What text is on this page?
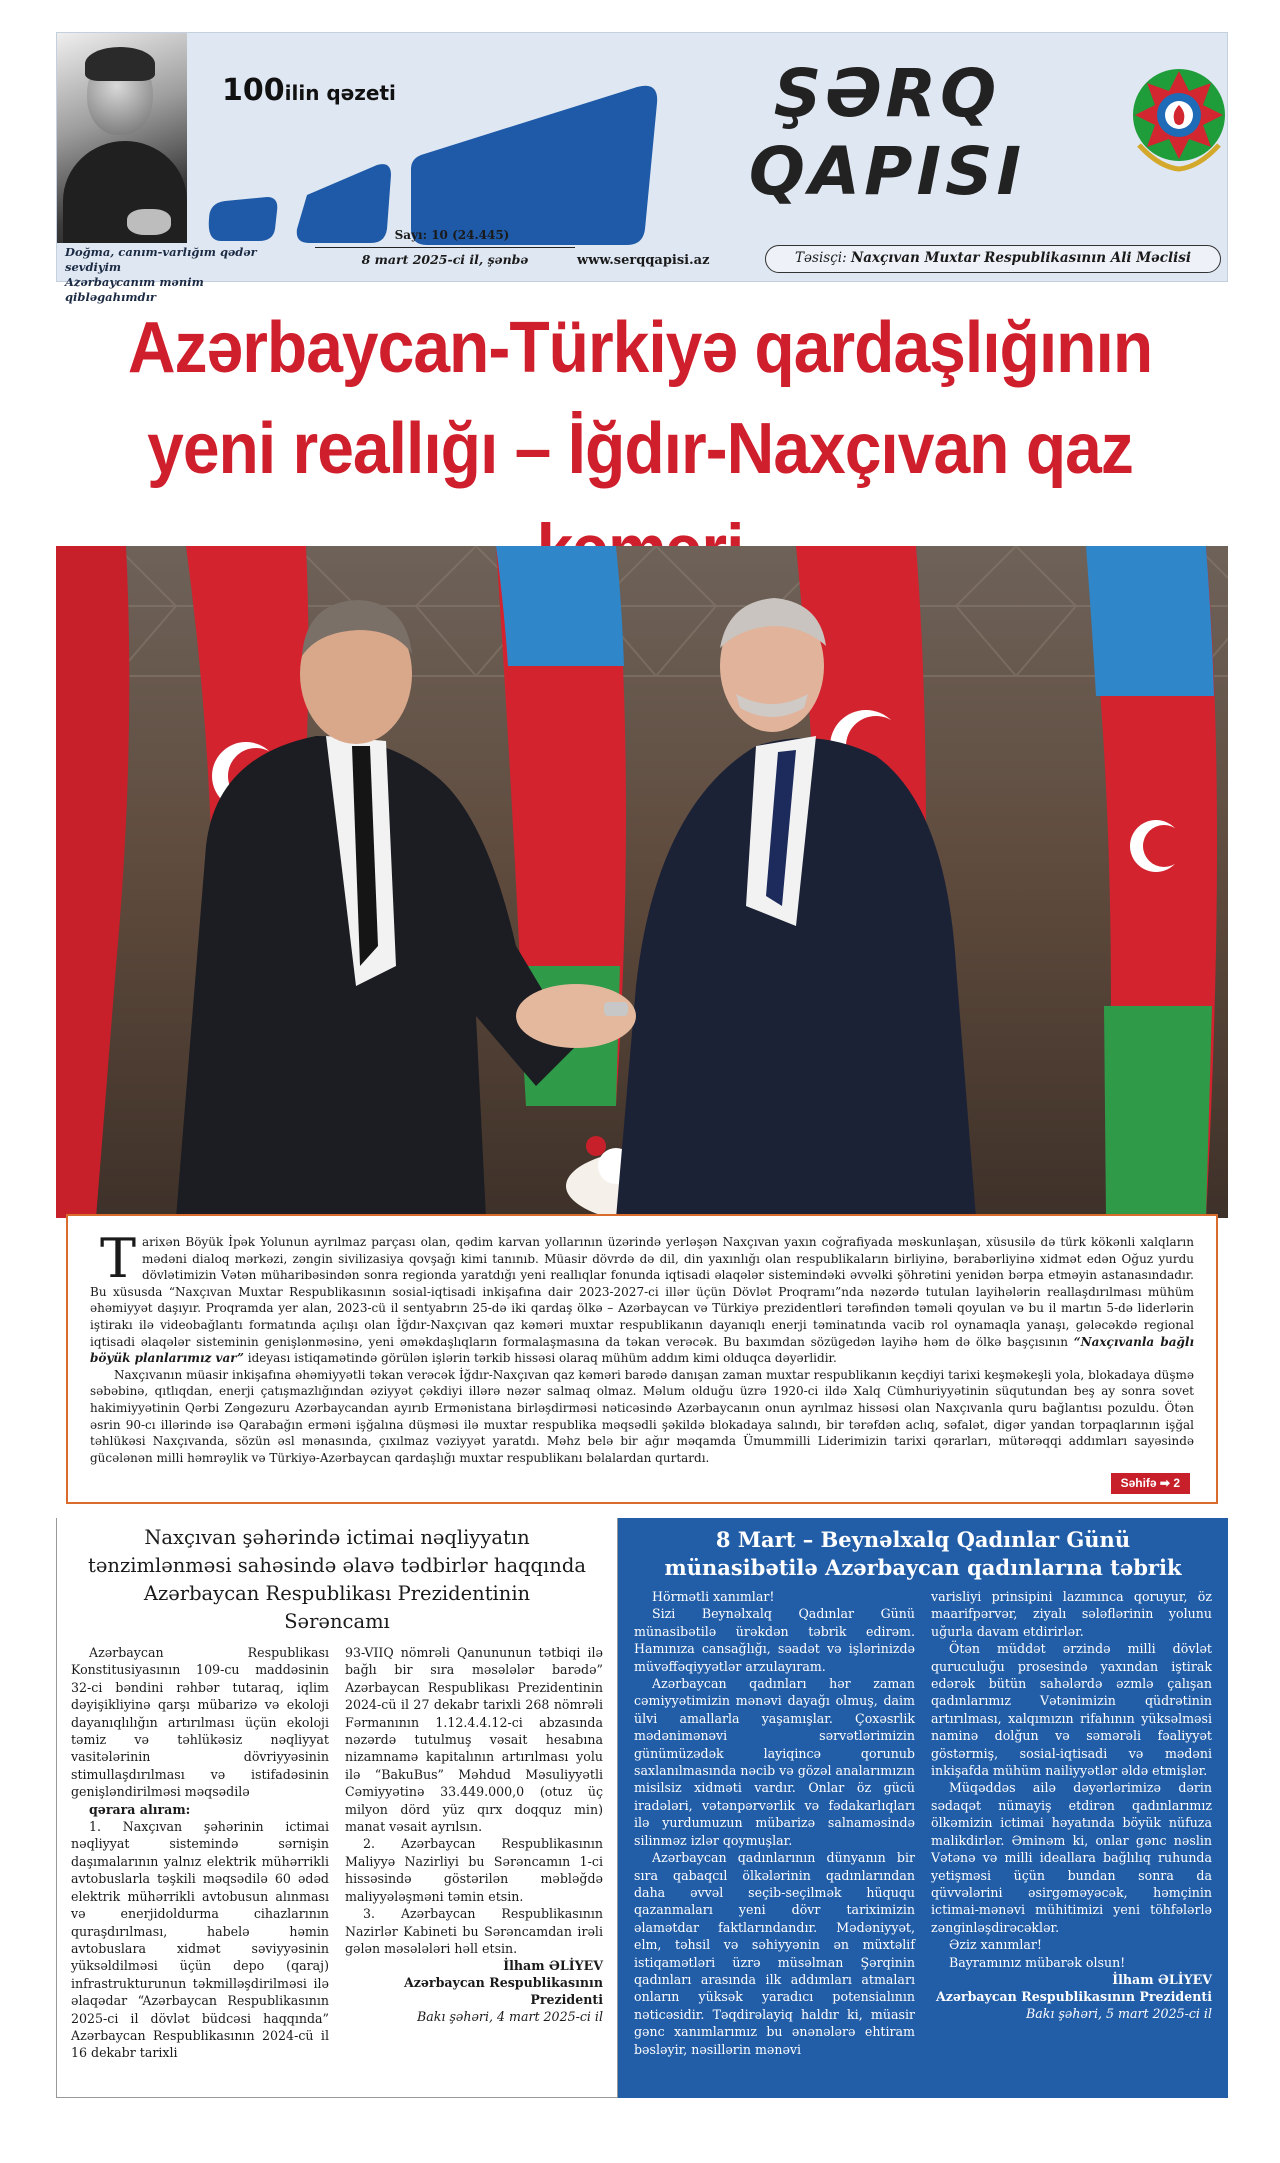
Doğma, canım-varlığım qədər sevdiyim
Azərbaycanım mənim qibləgahımdır
100ilin qəzeti	ŞƏRQ
QAPISI
Sayı: 10 (24.445)
8 mart 2025-ci il, şənbə	www.serqqapisi.az	Təsisçi: Naxçıvan Muxtar Respublikasının Ali Məclisi
Azərbaycan-Türkiyə qardaşlığının
yeni reallığı – İğdır-Naxçıvan qaz

Tarixən Böyük İpək Yolunun ayrılmaz parçası olan, qədim karvan yollarının üzərində yerləşən Naxçıvan yaxın coğrafiyada məskunlaşan, xüsusilə də türk kökənli xalqların mədəni dialoq mərkəzi, zəngin sivilizasiya qovşağı kimi tanınıb. Müasir dövrdə də dil, din yaxınlığı olan respublikaların birliyinə, bərabərliyinə xidmət edən Oğuz yurdu dövlətimizin Vətən müharibəsindən sonra regionda yaratdığı yeni reallıqlar fonunda iqtisadi əlaqələr sistemindəki əvvəlki şöhrətini yenidən bərpa etməyin astanasındadır. Bu xüsusda “Naxçıvan Muxtar Respublikasının sosial-iqtisadi inkişafına dair 2023-2027-ci illər üçün Dövlət Proqramı”nda nəzərdə tutulan layihələrin reallaşdırılması mühüm əhəmiyyət daşıyır. Proqramda yer alan, 2023-cü il sentyabrın 25-də iki qardaş ölkə – Azərbaycan və Türkiyə prezidentləri tərəfindən təməli qoyulan və bu il martın 5-də liderlərin iştirakı ilə videobağlantı formatında açılışı olan İğdır-Naxçıvan qaz kəməri muxtar respublikanın dayanıqlı enerji təminatında vacib rol oynamaqla yanaşı, gələcəkdə regional iqtisadi əlaqələr sisteminin genişlənməsinə, yeni əməkdaşlıqların formalaşmasına da təkan verəcək. Bu baxımdan sözügedən layihə həm də ölkə başçısının “Naxçıvanla bağlı böyük planlarımız var” ideyası istiqamətində görülən işlərin tərkib hissəsi olaraq mühüm addım kimi olduqca dəyərlidir.

Naxçıvanın müasir inkişafına əhəmiyyətli təkan verəcək İğdır-Naxçıvan qaz kəməri barədə danışan zaman muxtar respublikanın keçdiyi tarixi keşməkeşli yola, blokadaya düşmə səbəbinə, qıtlıqdan, enerji çatışmazlığından əziyyət çəkdiyi illərə nəzər salmaq olmaz. Məlum olduğu üzrə 1920-ci ildə Xalq Cümhuriyyətinin süqutundan beş ay sonra sovet hakimiyyətinin Qərbi Zəngəzuru Azərbaycandan ayırıb Ermənistana birləşdirməsi nəticəsində Azərbaycanın onun ayrılmaz hissəsi olan Naxçıvanla quru bağlantısı pozuldu. Ötən əsrin 90-cı illərində isə Qarabağın erməni işğalına düşməsi ilə muxtar respublika məqsədli şəkildə blokadaya salındı, bir tərəfdən aclıq, səfalət, digər yandan torpaqlarının işğal təhlükəsi Naxçıvanda, sözün əsl mənasında, çıxılmaz vəziyyət yaratdı. Məhz belə bir ağır məqamda Ümummilli Liderimizin tarixi qərarları, mütərəqqi addımları sayəsində gücələnən milli həmrəylik və Türkiyə-Azərbaycan qardaşlığı muxtar respublikanı bəlalardan qurtardı.

Səhifə ➡ 2
Naxçıvan şəhərində ictimai nəqliyyatın
tənzimlənməsi sahəsində əlavə tədbirlər haqqında
Azərbaycan Respublikası Prezidentinin
Sərəncamı

Azərbaycan Respublikası Konstitusiyasının 109-cu maddəsinin 32-ci bəndini rəhbər tutaraq, iqlim dəyişikliyinə qarşı mübarizə və ekoloji dayanıqlılığın artırılması üçün ekoloji təmiz və təhlükəsiz nəqliyyat vasitələrinin dövriyyəsinin stimullaşdırılması və istifadəsinin genişləndirilməsi məqsədilə

qərara alıram:

1. Naxçıvan şəhərinin ictimai nəqliyyat sistemində sərnişin daşımalarının yalnız elektrik mühərrikli avtobuslarla təşkili məqsədilə 60 ədəd elektrik mühərrikli avtobusun alınması və enerjidoldurma cihazlarının quraşdırılması, habelə həmin avtobuslara xidmət səviyyəsinin yüksəldilməsi üçün depo (qaraj) infrastrukturunun təkmilləşdirilməsi ilə əlaqədar “Azərbaycan Respublikasının 2025-ci il dövlət büdcəsi haqqında” Azərbaycan Respublikasının 2024-cü il 16 dekabr tarixli

93-VIIQ nömrəli Qanununun tətbiqi ilə bağlı bir sıra məsələlər barədə” Azərbaycan Respublikası Prezidentinin 2024-cü il 27 dekabr tarixli 268 nömrəli Fərmanının 1.12.4.4.12-ci abzasında nəzərdə tutulmuş vəsait hesabına nizamnamə kapitalının artırılması yolu ilə “BakuBus” Məhdud Məsuliyyətli Cəmiyyətinə 33.449.000,0 (otuz üç milyon dörd yüz qırx doqquz min) manat vəsait ayrılsın.

2. Azərbaycan Respublikasının Maliyyə Nazirliyi bu Sərəncamın 1-ci hissəsində göstərilən məbləğdə maliyyələşməni təmin etsin.

3. Azərbaycan Respublikasının Nazirlər Kabineti bu Sərəncamdan irəli gələn məsələləri həll etsin.

İlham ƏLİYEV
Azərbaycan Respublikasının
Prezidenti
Bakı şəhəri, 4 mart 2025-ci il
8 Mart – Beynəlxalq Qadınlar Günü
münasibətilə Azərbaycan qadınlarına təbrik

Hörmətli xanımlar!

Sizi Beynəlxalq Qadınlar Günü münasibətilə ürəkdən təbrik edirəm. Hamınıza cansağlığı, səadət və işlərinizdə müvəffəqiyyətlər arzulayıram.

Azərbaycan qadınları hər zaman cəmiyyətimizin mənəvi dayağı olmuş, daim ülvi amallarla yaşamışlar. Çoxəsrlik mədənimənəvi sərvətlərimizin günümüzədək layiqincə qorunub saxlanılmasında nəcib və gözəl analarımızın misilsiz xidməti vardır. Onlar öz gücü iradələri, vətənpərvərlik və fədakarlıqları ilə yurdumuzun mübarizə salnaməsində silinməz izlər qoymuşlar.

Azərbaycan qadınlarının dünyanın bir sıra qabaqcıl ölkələrinin qadınlarından daha əvvəl seçib-seçilmək hüququ qazanmaları yeni dövr tariximizin əlamətdar faktlarındandır. Mədəniyyət, elm, təhsil və səhiyyənin ən müxtəlif istiqamətləri üzrə müsəlman Şərqinin qadınları arasında ilk addımları atmaları onların yüksək yaradıcı potensialının nəticəsidir. Təqdirəlayiq haldır ki, müasir gənc xanımlarımız bu ənənələrə ehtiram bəsləyir, nəsillərin mənəvi

varisliyi prinsipini lazımınca qoruyur, öz maarifpərvər, ziyalı sələflərinin yolunu uğurla davam etdirirlər.

Ötən müddət ərzində milli dövlət quruculuğu prosesində yaxından iştirak edərək bütün sahələrdə əzmlə çalışan qadınlarımız Vətənimizin qüdrətinin artırılması, xalqımızın rifahının yüksəlməsi naminə dolğun və səmərəli fəaliyyət göstərmiş, sosial-iqtisadi və mədəni inkişafda mühüm nailiyyətlər əldə etmişlər.

Müqəddəs ailə dəyərlərimizə dərin sədaqət nümayiş etdirən qadınlarımız ölkəmizin ictimai həyatında böyük nüfuza malikdirlər. Əminəm ki, onlar gənc nəslin Vətənə və milli ideallara bağlılıq ruhunda yetişməsi üçün bundan sonra da qüvvələrini əsirgəməyəcək, həmçinin ictimai-mənəvi mühitimizi yeni töhfələrlə zənginləşdirəcəklər.

Əziz xanımlar!

Bayramınız mübarək olsun!

İlham ƏLİYEV
Azərbaycan Respublikasının Prezidenti
Bakı şəhəri, 5 mart 2025-ci il
